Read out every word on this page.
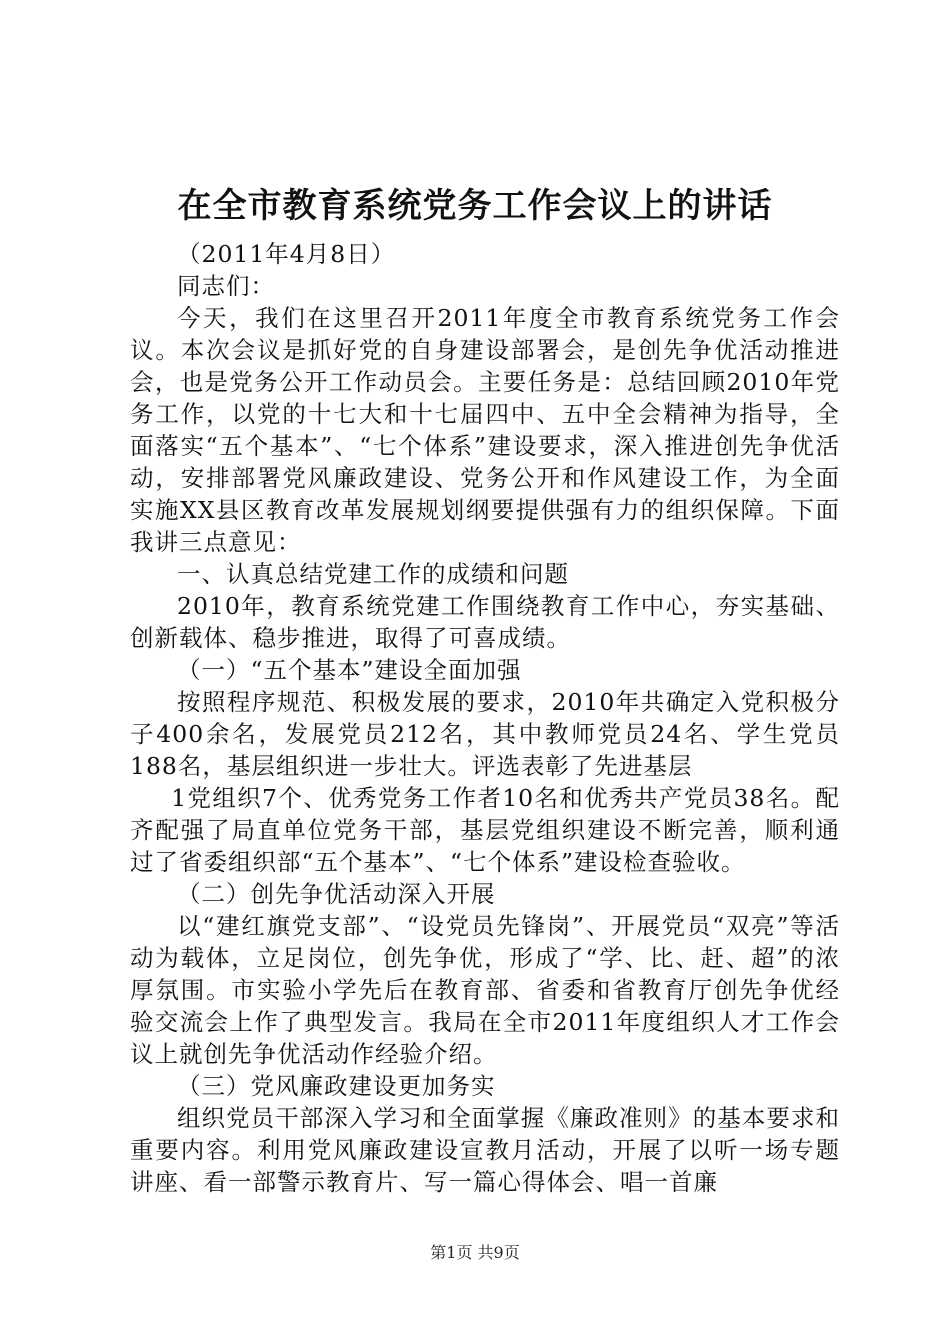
在全市教育系统党务工作会议上的讲话

（2011年4月8日）

同志们：

今天，我们在这里召开2011年度全市教育系统党务工作会议。本次会议是抓好党的自身建设部署会，是创先争优活动推进会，也是党务公开工作动员会。主要任务是：总结回顾2010年党务工作，以党的十七大和十七届四中、五中全会精神为指导，全面落实“五个基本”、“七个体系”建设要求，深入推进创先争优活动，安排部署党风廉政建设、党务公开和作风建设工作，为全面实施XX县区教育改革发展规划纲要提供强有力的组织保障。下面我讲三点意见：

一、认真总结党建工作的成绩和问题

2010年，教育系统党建工作围绕教育工作中心，夯实基础、创新载体、稳步推进，取得了可喜成绩。

（一）“五个基本”建设全面加强

按照程序规范、积极发展的要求，2010年共确定入党积极分子400余名，发展党员212名，其中教师党员24名、学生党员188名，基层组织进一步壮大。评选表彰了先进基层

1党组织7个、优秀党务工作者10名和优秀共产党员38名。配齐配强了局直单位党务干部，基层党组织建设不断完善，顺利通过了省委组织部“五个基本”、“七个体系”建设检查验收。

（二）创先争优活动深入开展

以“建红旗党支部”、“设党员先锋岗”、开展党员“双亮”等活动为载体，立足岗位，创先争优，形成了“学、比、赶、超”的浓厚氛围。市实验小学先后在教育部、省委和省教育厅创先争优经验交流会上作了典型发言。我局在全市2011年度组织人才工作会议上就创先争优活动作经验介绍。

（三）党风廉政建设更加务实

组织党员干部深入学习和全面掌握《廉政准则》的基本要求和重要内容。利用党风廉政建设宣教月活动，开展了以听一场专题讲座、看一部警示教育片、写一篇心得体会、唱一首廉

第1页 共9页
